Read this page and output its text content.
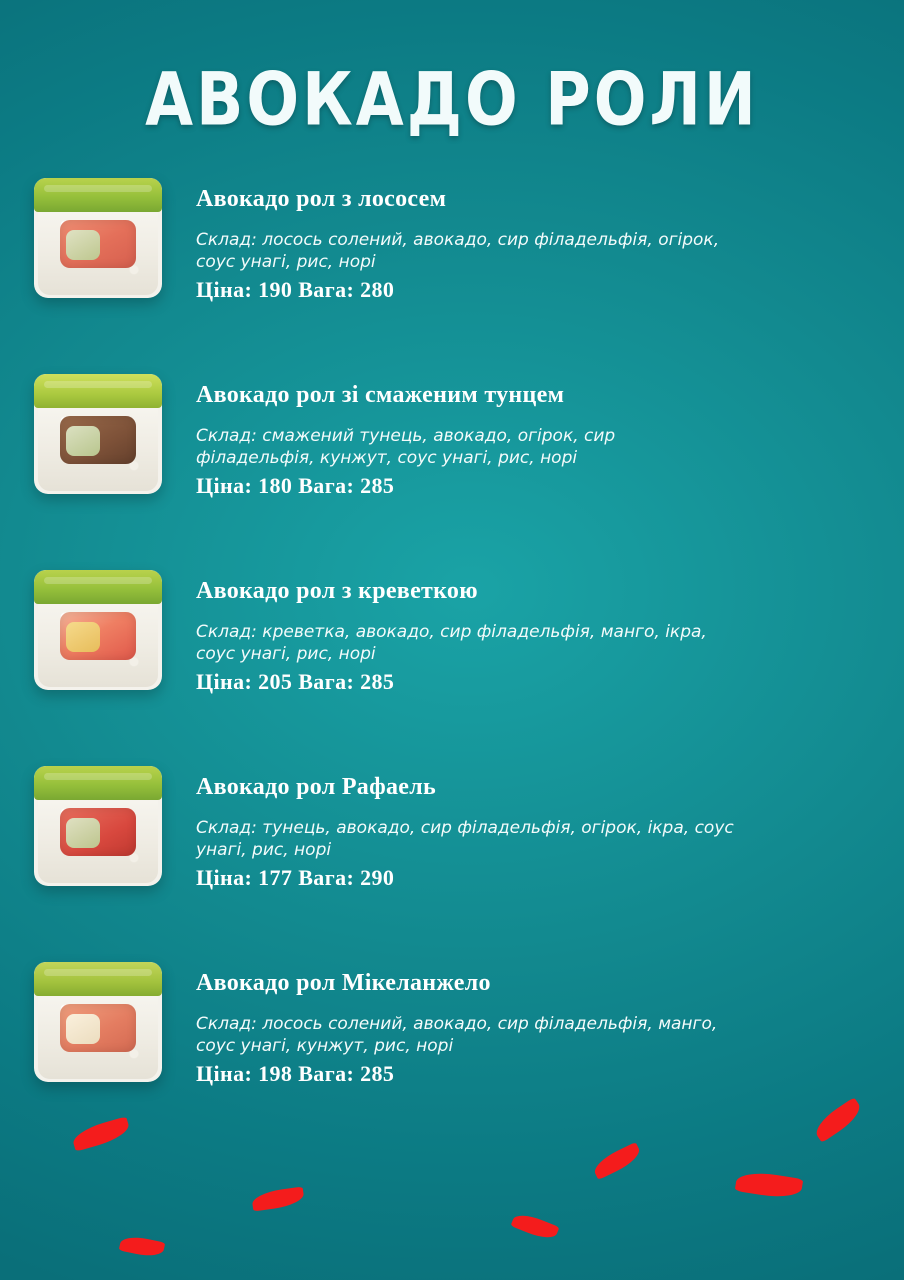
АВОКАДО РОЛИ

Авокадо рол з лососем

Склад: лосось солений, авокадо, сир філадельфія, огірок, соус унагі, рис, норі

Ціна: 190 Вага: 280

Авокадо рол зі смаженим тунцем

Склад: смажений тунець, авокадо, огірок, сир філадельфія, кунжут, соус унагі, рис, норі

Ціна: 180 Вага: 285

Авокадо рол з креветкою

Склад: креветка, авокадо, сир філадельфія, манго, ікра, соус унагі, рис, норі

Ціна: 205 Вага: 285

Авокадо рол Рафаель

Склад: тунець, авокадо, сир філадельфія, огірок, ікра, соус унагі, рис, норі

Ціна: 177 Вага: 290

Авокадо рол Мікеланжело

Склад: лосось солений, авокадо, сир філадельфія, манго, соус унагі, кунжут, рис, норі

Ціна: 198 Вага: 285
